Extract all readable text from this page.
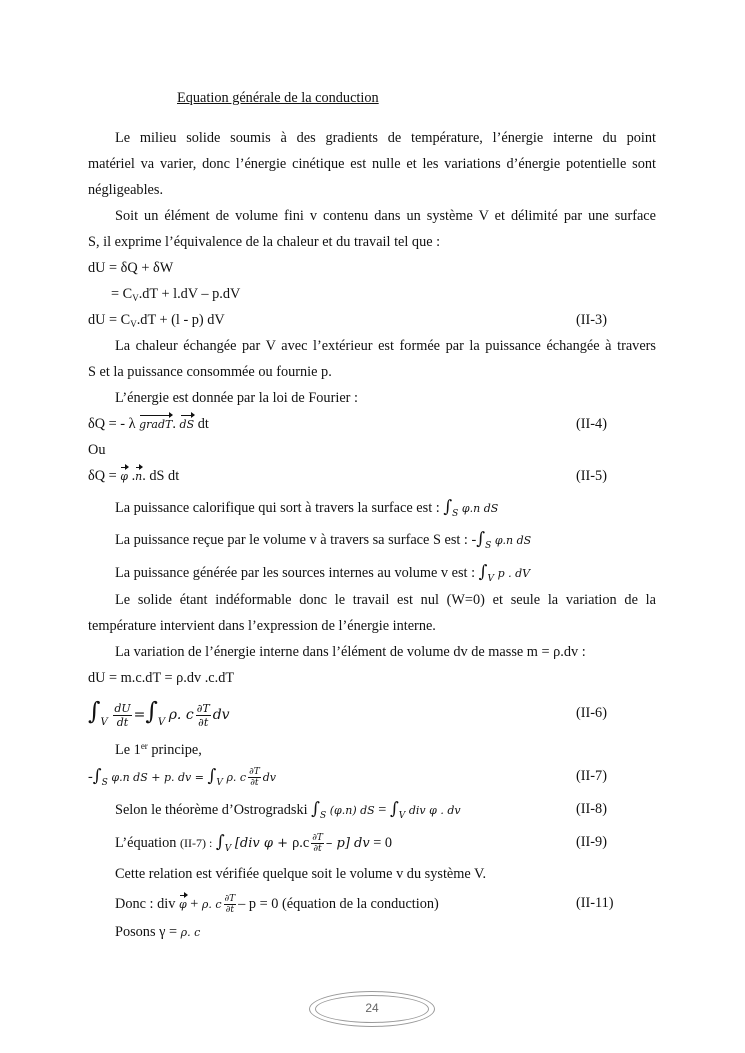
Equation générale de la conduction
Le milieu solide soumis à des gradients de température, l’énergie interne du point
matériel va varier, donc l’énergie cinétique est nulle et les variations d’énergie potentielle sont
négligeables.
Soit un élément de volume fini v contenu dans un système V et délimité par une surface
S, il exprime l’équivalence de la chaleur et du travail tel que :
dU = δQ + δW
= $C_V.dT + l.dV - p.dV$
dU = $C_V.dT + (l - p)$ dV	(II-3)
La chaleur échangée par V avec l’extérieur est formée par la puissance échangée à travers
S et la puissance consommée ou fournie p.
L’énergie est donnée par la loi de Fourier :
δQ = - λ gradT. dS dt	(II-4)
Ou
δQ = φ .n. dS dt	(II-5)
La puissance calorifique qui sort à travers la surface est : $\int_S$ φ.n dS
La puissance reçue par le volume v à travers sa surface S est : $-\int_S$ φ.n dS
La puissance générée par les sources internes au volume v est : $\int_V$ p . dV
Le solide étant indéformable donc le travail est nul (W=0) et seule la variation de la
température intervient dans l’expression de l’énergie interne.
La variation de l’énergie interne dans l’élément de volume dv de masse m = ρ.dv :
dU = m.c.dT = ρ.dv .c.dT
$\int_V \frac{dU}{dt} =\int_V$ ρ. c $\frac{\partial T}{\partial t}$ dv	(II-6)
Le 1er principe,
$-\int_S$ φ.n dS + p. dv = $\int_V$ ρ. c $\frac{\partial T}{\partial t}$ dv	(II-7)
Selon le théorème d’Ostrogradski $\int_S$ (φ.n) dS = $\int_V$ div φ . dv	(II-8)
L’équation (II-7) : $\int_V$ [div $\varphi + \rho.c \frac{\partial T}{\partial t} - p$] dv = 0	(II-9)
Cette relation est vérifiée quelque soit le volume v du système V.
Donc : div φ + ρ. c $\frac{\partial T}{\partial t} - p = 0$ (équation de la conduction)	(II-11)
Posons γ = ρ. c
24
